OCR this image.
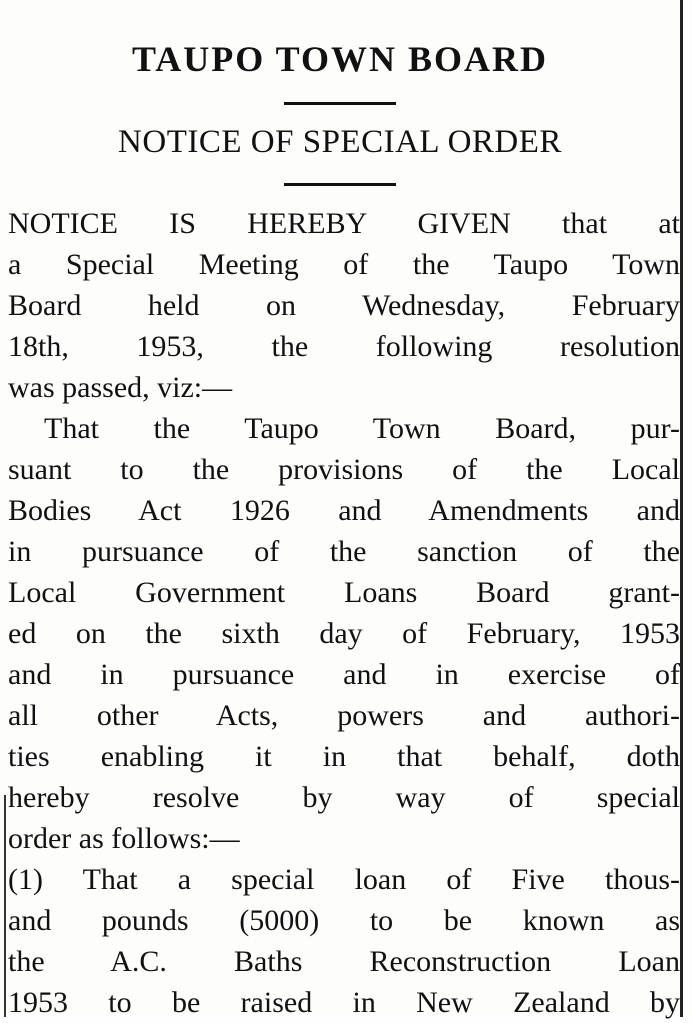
TAUPO TOWN BOARD
NOTICE OF SPECIAL ORDER
NOTICE IS HEREBY GIVEN that at
a Special Meeting of the Taupo Town
Board held on Wednesday, February
18th, 1953, the following resolution
was passed, viz:—
That the Taupo Town Board, pur-
suant to the provisions of the Local
Bodies Act 1926 and Amendments and
in pursuance of the sanction of the
Local Government Loans Board grant-
ed on the sixth day of February, 1953
and in pursuance and in exercise of
all other Acts, powers and authori-
ties enabling it in that behalf, doth
hereby resolve by way of special
order as follows:—
(1) That a special loan of Five thous-
and pounds (5000) to be known as
the A.C. Baths Reconstruction Loan
1953 to be raised in New Zealand by
